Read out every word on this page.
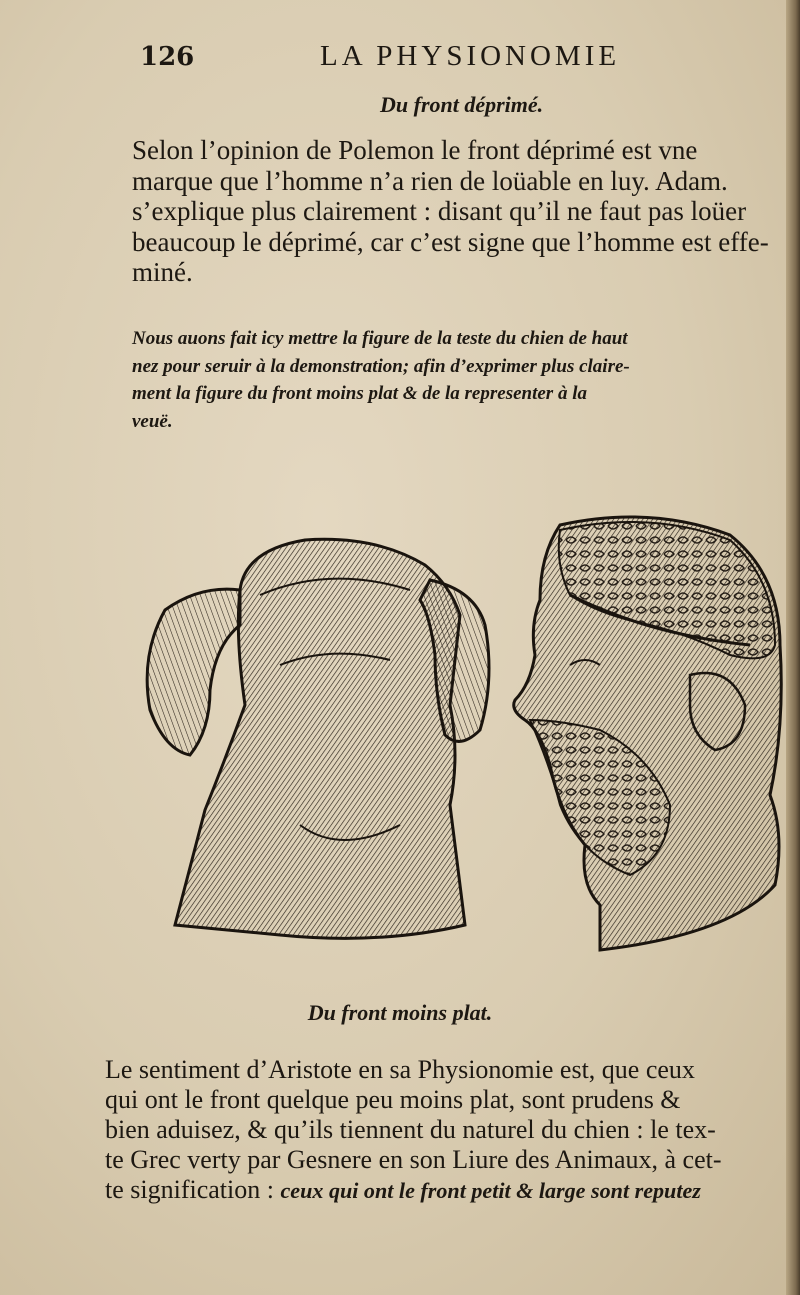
126	LA PHYSIONOMIE
Du front déprimé.
Selon l’opinion de Polemon le front déprimé est vne
marque que l’homme n’a rien de loüable en luy. Adam.
s’explique plus clairement : disant qu’il ne faut pas loüer
beaucoup le déprimé, car c’est signe que l’homme est effe-
miné.
Nous auons fait icy mettre la figure de la teste du chien de haut
nez pour seruir à la demonstration; afin d’exprimer plus claire-
ment la figure du front moins plat & de la representer à la
veuë.
Du front moins plat.
Le sentiment d’Aristote en sa Physionomie est, que ceux
qui ont le front quelque peu moins plat, sont prudens &
bien aduisez, & qu’ils tiennent du naturel du chien : le tex-
te Grec verty par Gesnere en son Liure des Animaux, à cet-
te signification : ceux qui ont le front petit & large sont reputez
